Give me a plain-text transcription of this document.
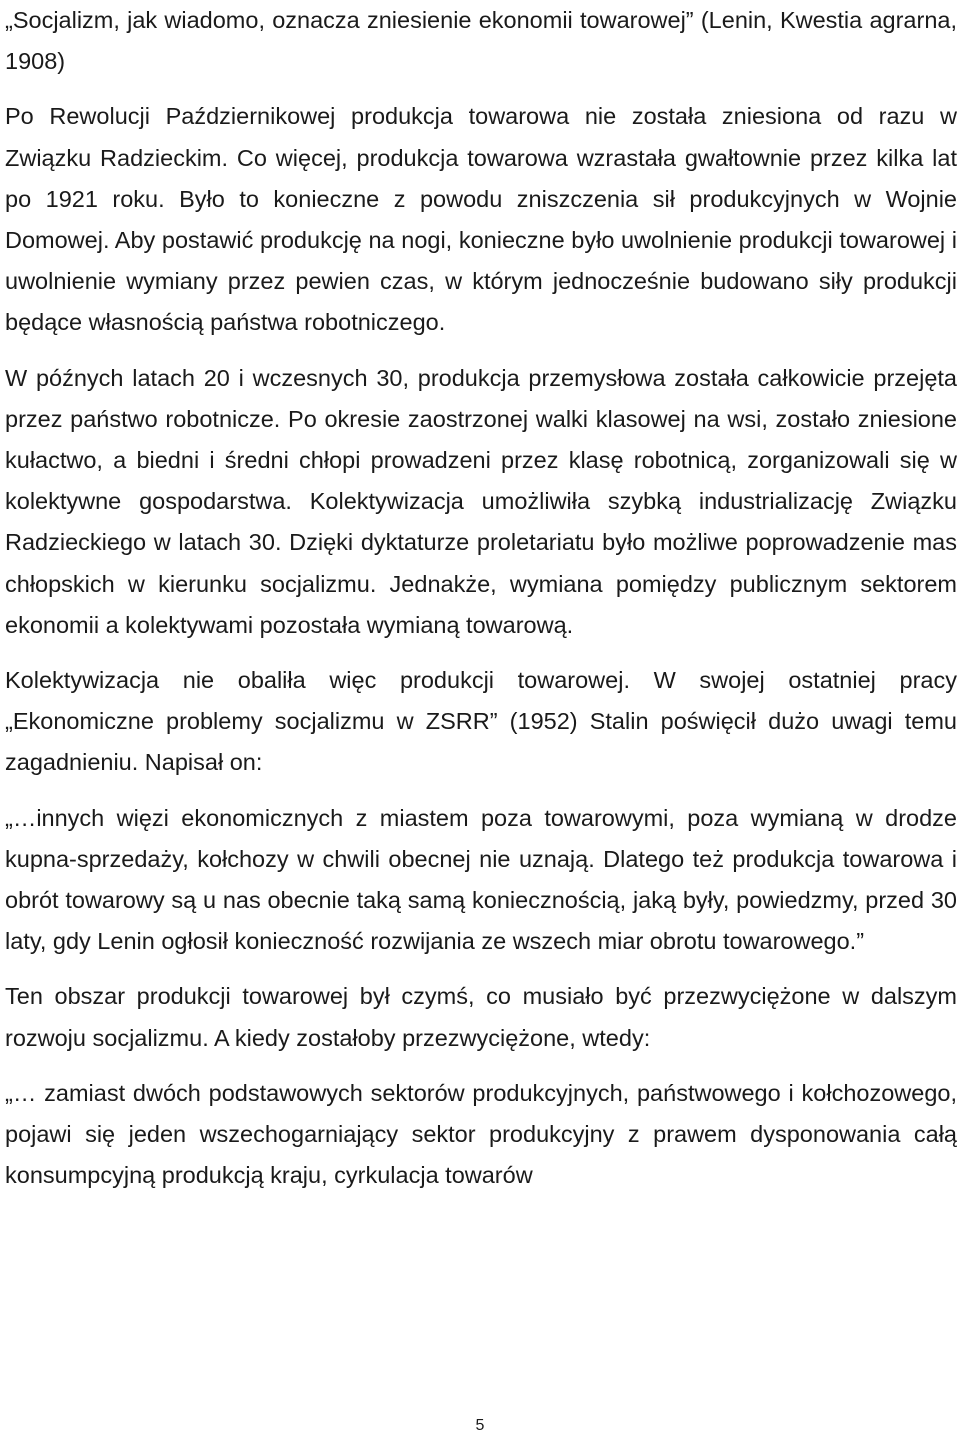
„Socjalizm, jak wiadomo, oznacza zniesienie ekonomii towarowej” (Lenin, Kwestia agrarna, 1908)

Po Rewolucji Październikowej produkcja towarowa nie została zniesiona od razu w Związku Radzieckim. Co więcej, produkcja towarowa wzrastała gwałtownie przez kilka lat po 1921 roku. Było to konieczne z powodu zniszczenia sił produkcyjnych w Wojnie Domowej. Aby postawić produkcję na nogi, konieczne było uwolnienie produkcji towarowej i uwolnienie wymiany przez pewien czas, w którym jednocześnie budowano siły produkcji będące własnością państwa robotniczego.

W późnych latach 20 i wczesnych 30, produkcja przemysłowa została całkowicie przejęta przez państwo robotnicze. Po okresie zaostrzonej walki klasowej na wsi, zostało zniesione kułactwo, a biedni i średni chłopi prowadzeni przez klasę robotnicą, zorganizowali się w kolektywne gospodarstwa. Kolektywizacja umożliwiła szybką industrializację Związku Radzieckiego w latach 30. Dzięki dyktaturze proletariatu było możliwe poprowadzenie mas chłopskich w kierunku socjalizmu. Jednakże, wymiana pomiędzy publicznym sektorem ekonomii a kolektywami pozostała wymianą towarową.

Kolektywizacja nie obaliła więc produkcji towarowej. W swojej ostatniej pracy „Ekonomiczne problemy socjalizmu w ZSRR” (1952) Stalin poświęcił dużo uwagi temu zagadnieniu. Napisał on:

„…innych więzi ekonomicznych z miastem poza towarowymi, poza wymianą w drodze kupna-sprzedaży, kołchozy w chwili obecnej nie uznają. Dlatego też produkcja towarowa i obrót towarowy są u nas obecnie taką samą koniecznością, jaką były, powiedzmy, przed 30 laty, gdy Lenin ogłosił konieczność rozwijania ze wszech miar obrotu towarowego.”

Ten obszar produkcji towarowej był czymś, co musiało być przezwyciężone w dalszym rozwoju socjalizmu. A kiedy zostałoby przezwyciężone, wtedy:

„… zamiast dwóch podstawowych sektorów produkcyjnych, państwowego i kołchozowego, pojawi się jeden wszechogarniający sektor produkcyjny z prawem dysponowania całą konsumpcyjną produkcją kraju, cyrkulacja towarów

5
